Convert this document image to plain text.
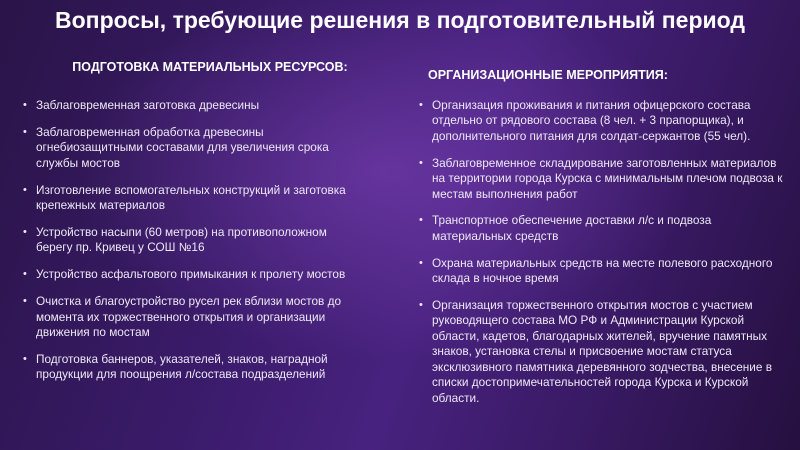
Вопросы, требующие решения в подготовительный период
ПОДГОТОВКА МАТЕРИАЛЬНЫХ РЕСУРСОВ:
ОРГАНИЗАЦИОННЫЕ МЕРОПРИЯТИЯ:
• Заблаговременная заготовка древесины
• Заблаговременная обработка древесины огнебиозащитными составами для увеличения срока службы мостов
• Изготовление вспомогательных конструкций и заготовка крепежных материалов
• Устройство насыпи (60 метров) на противоположном берегу пр. Кривец у СОШ №16
• Устройство асфальтового примыкания к пролету мостов
• Очистка и благоустройство русел рек вблизи мостов до момента их торжественного открытия и организации движения по мостам
• Подготовка баннеров, указателей, знаков, наградной продукции для поощрения л/состава подразделений
• Организация проживания и питания офицерского состава отдельно от рядового состава (8 чел. + 3 прапорщика), и дополнительного питания для солдат-сержантов (55 чел).
• Заблаговременное складирование заготовленных материалов на территории города Курска с минимальным плечом подвоза к местам выполнения работ
• Транспортное обеспечение доставки л/с и подвоза материальных средств
• Охрана материальных средств на месте полевого расходного склада в ночное время
• Организация торжественного открытия мостов с участием руководящего состава МО РФ и Администрации Курской области, кадетов, благодарных жителей, вручение памятных знаков, установка стелы и присвоение мостам статуса эксклюзивного памятника деревянного зодчества, внесение в списки достопримечательностей города Курска и Курской области.
